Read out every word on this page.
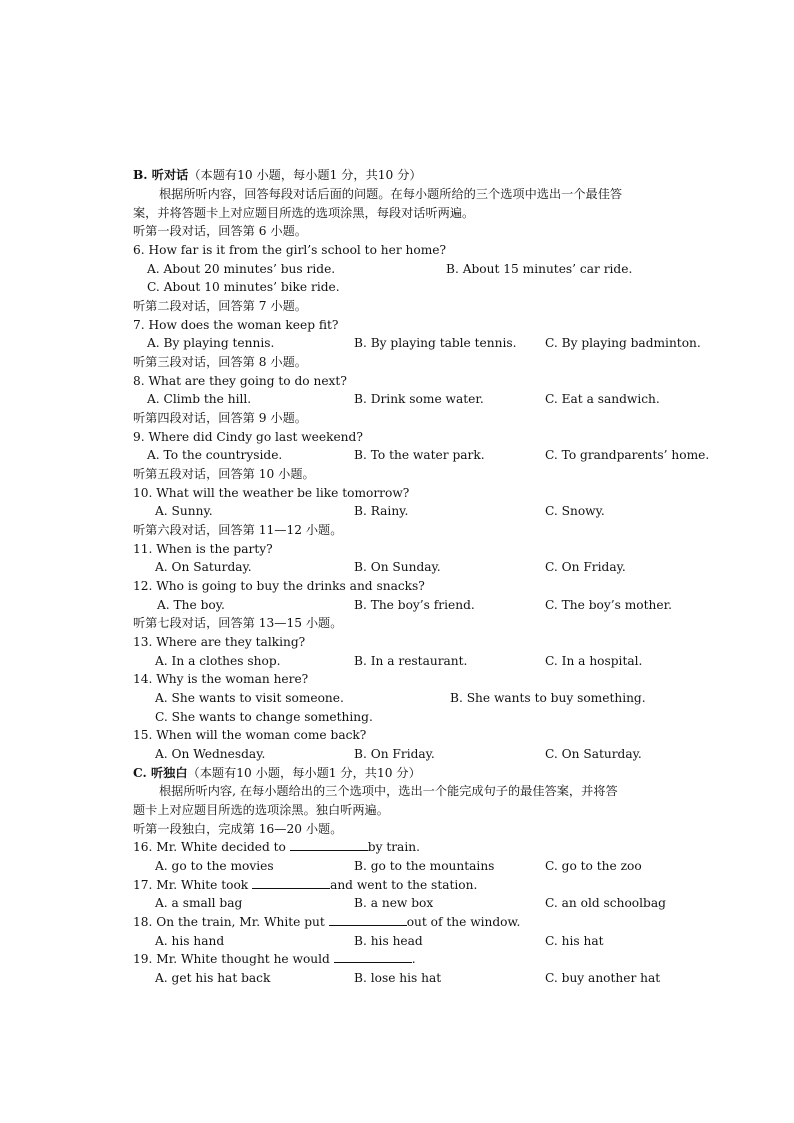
B. 听对话（本题有10 小题，每小题1 分，共10 分）
根据所听内容，回答每段对话后面的问题。在每小题所给的三个选项中选出一个最佳答
案，并将答题卡上对应题目所选的选项涂黑，每段对话听两遍。
听第一段对话，回答第 6 小题。
6. How far is it from the girl’s school to her home?
A. About 20 minutes’ bus ride.	B. About 15 minutes’ car ride.
C. About 10 minutes’ bike ride.
听第二段对话，回答第 7 小题。
7. How does the woman keep fit?
A. By playing tennis.	B. By playing table tennis. C. By playing badminton.
听第三段对话，回答第 8 小题。
8. What are they going to do next?
A. Climb the hill.	B. Drink some water.	C. Eat a sandwich.
听第四段对话，回答第 9 小题。
9. Where did Cindy go last weekend?
A. To the countryside.	B. To the water park.	C. To grandparents’ home.
听第五段对话，回答第 10 小题。
10. What will the weather be like tomorrow?
A. Sunny.	B. Rainy.	C. Snowy.
听第六段对话，回答第 11—12 小题。
11. When is the party?
A. On Saturday.	B. On Sunday.	C. On Friday.
12. Who is going to buy the drinks and snacks?
A. The boy.	B. The boy’s friend.	C. The boy’s mother.
听第七段对话，回答第 13—15 小题。
13. Where are they talking?
A. In a clothes shop.	B. In a restaurant.	C. In a hospital.
14. Why is the woman here?
A. She wants to visit someone.	B. She wants to buy something.
C. She wants to change something.
15. When will the woman come back?
A. On Wednesday.	B. On Friday.	C. On Saturday.
C. 听独白（本题有10 小题，每小题1 分，共10 分）
根据所听内容, 在每小题给出的三个选项中，选出一个能完成句子的最佳答案，并将答
题卡上对应题目所选的选项涂黑。独白听两遍。
听第一段独白，完成第 16—20 小题。
16. Mr. White decided to	by train.
A. go to the movies	B. go to the mountains	C. go to the zoo
17. Mr. White took	and went to the station.
A. a small bag	B. a new box	C. an old schoolbag
18. On the train, Mr. White put	out of the window.
A. his hand	B. his head	C. his hat
19. Mr. White thought he would	.
A. get his hat back	B. lose his hat	C. buy another hat
